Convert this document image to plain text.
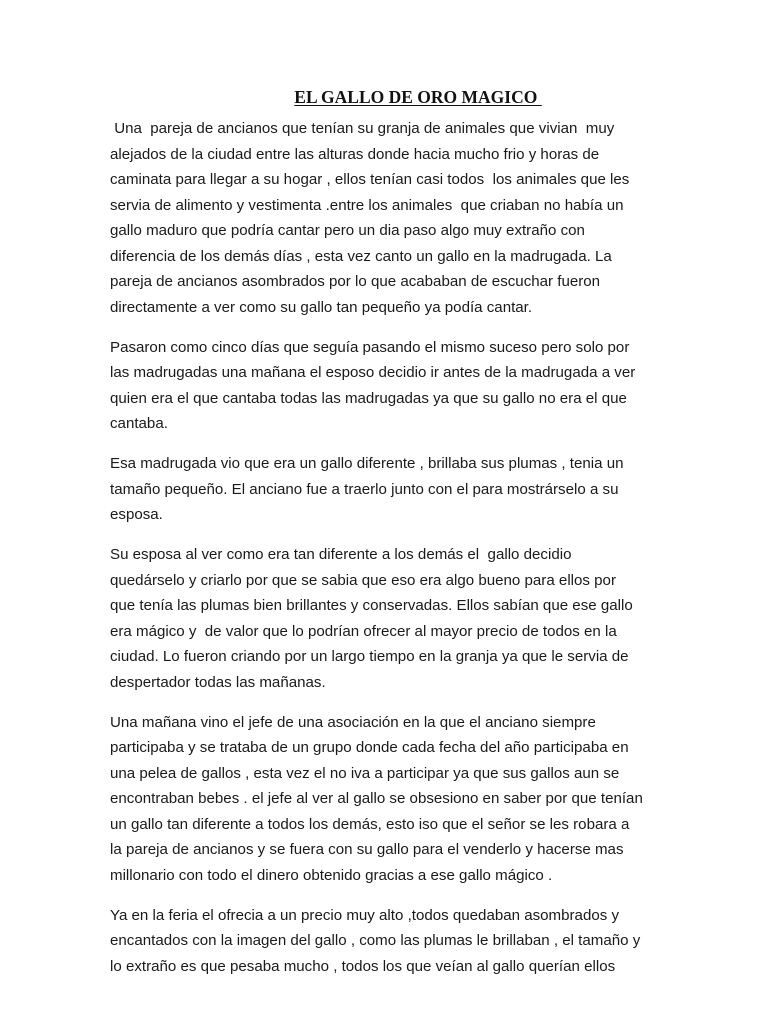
EL GALLO DE ORO MAGICO

Una  pareja de ancianos que tenían su granja de animales que vivian  muy
alejados de la ciudad entre las alturas donde hacia mucho frio y horas de
caminata para llegar a su hogar , ellos tenían casi todos  los animales que les
servia de alimento y vestimenta .entre los animales  que criaban no había un
gallo maduro que podría cantar pero un dia paso algo muy extraño con
diferencia de los demás días , esta vez canto un gallo en la madrugada. La
pareja de ancianos asombrados por lo que acababan de escuchar fueron
directamente a ver como su gallo tan pequeño ya podía cantar.

Pasaron como cinco días que seguía pasando el mismo suceso pero solo por
las madrugadas una mañana el esposo decidio ir antes de la madrugada a ver
quien era el que cantaba todas las madrugadas ya que su gallo no era el que
cantaba.

Esa madrugada vio que era un gallo diferente , brillaba sus plumas , tenia un
tamaño pequeño. El anciano fue a traerlo junto con el para mostrárselo a su
esposa.

Su esposa al ver como era tan diferente a los demás el  gallo decidio
quedárselo y criarlo por que se sabia que eso era algo bueno para ellos por
que tenía las plumas bien brillantes y conservadas. Ellos sabían que ese gallo
era mágico y  de valor que lo podrían ofrecer al mayor precio de todos en la
ciudad. Lo fueron criando por un largo tiempo en la granja ya que le servia de
despertador todas las mañanas.

Una mañana vino el jefe de una asociación en la que el anciano siempre
participaba y se trataba de un grupo donde cada fecha del año participaba en
una pelea de gallos , esta vez el no iva a participar ya que sus gallos aun se
encontraban bebes . el jefe al ver al gallo se obsesiono en saber por que tenían
un gallo tan diferente a todos los demás, esto iso que el señor se les robara a
la pareja de ancianos y se fuera con su gallo para el venderlo y hacerse mas
millonario con todo el dinero obtenido gracias a ese gallo mágico .

Ya en la feria el ofrecia a un precio muy alto ,todos quedaban asombrados y
encantados con la imagen del gallo , como las plumas le brillaban , el tamaño y
lo extraño es que pesaba mucho , todos los que veían al gallo querían ellos
